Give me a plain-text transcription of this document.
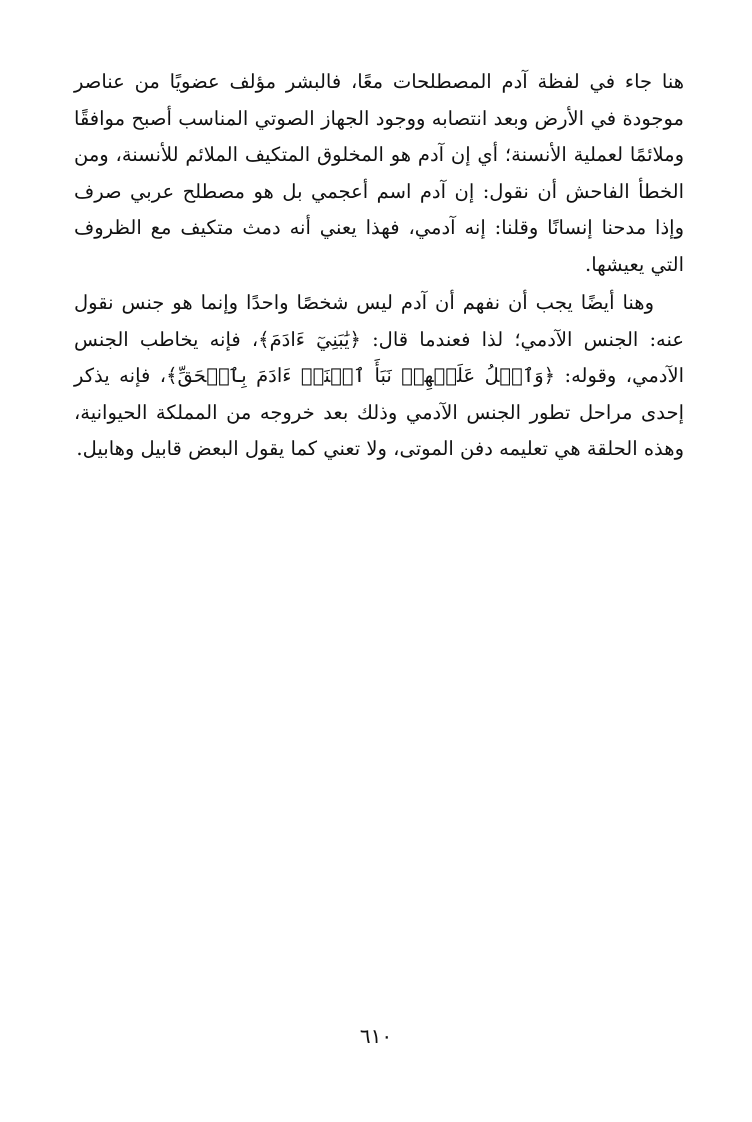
هنا جاء في لفظة آدم المصطلحات معًا، فالبشر مؤلف عضويًا من عناصر موجودة في الأرض وبعد انتصابه ووجود الجهاز الصوتي المناسب أصبح موافقًا وملائمًا لعملية الأنسنة؛ أي إن آدم هو المخلوق المتكيف الملائم للأنسنة، ومن الخطأ الفاحش أن نقول: إن آدم اسم أعجمي بل هو مصطلح عربي صرف وإذا مدحنا إنسانًا وقلنا: إنه آدمي، فهذا يعني أنه دمث متكيف مع الظروف التي يعيشها.

وهنا أيضًا يجب أن نفهم أن آدم ليس شخصًا واحدًا وإنما هو جنس نقول عنه: الجنس الآدمي؛ لذا فعندما قال: ﴿يَٰبَنِيٓ ءَادَمَ﴾، فإنه يخاطب الجنس الآدمي، وقوله: ﴿وَٱتۡلُ عَلَيۡهِمۡ نَبَأَ ٱبۡنَيۡ ءَادَمَ بِٱلۡحَقِّ﴾، فإنه يذكر إحدى مراحل تطور الجنس الآدمي وذلك بعد خروجه من المملكة الحيوانية، وهذه الحلقة هي تعليمه دفن الموتى، ولا تعني كما يقول البعض قابيل وهابيل.

٦١٠
